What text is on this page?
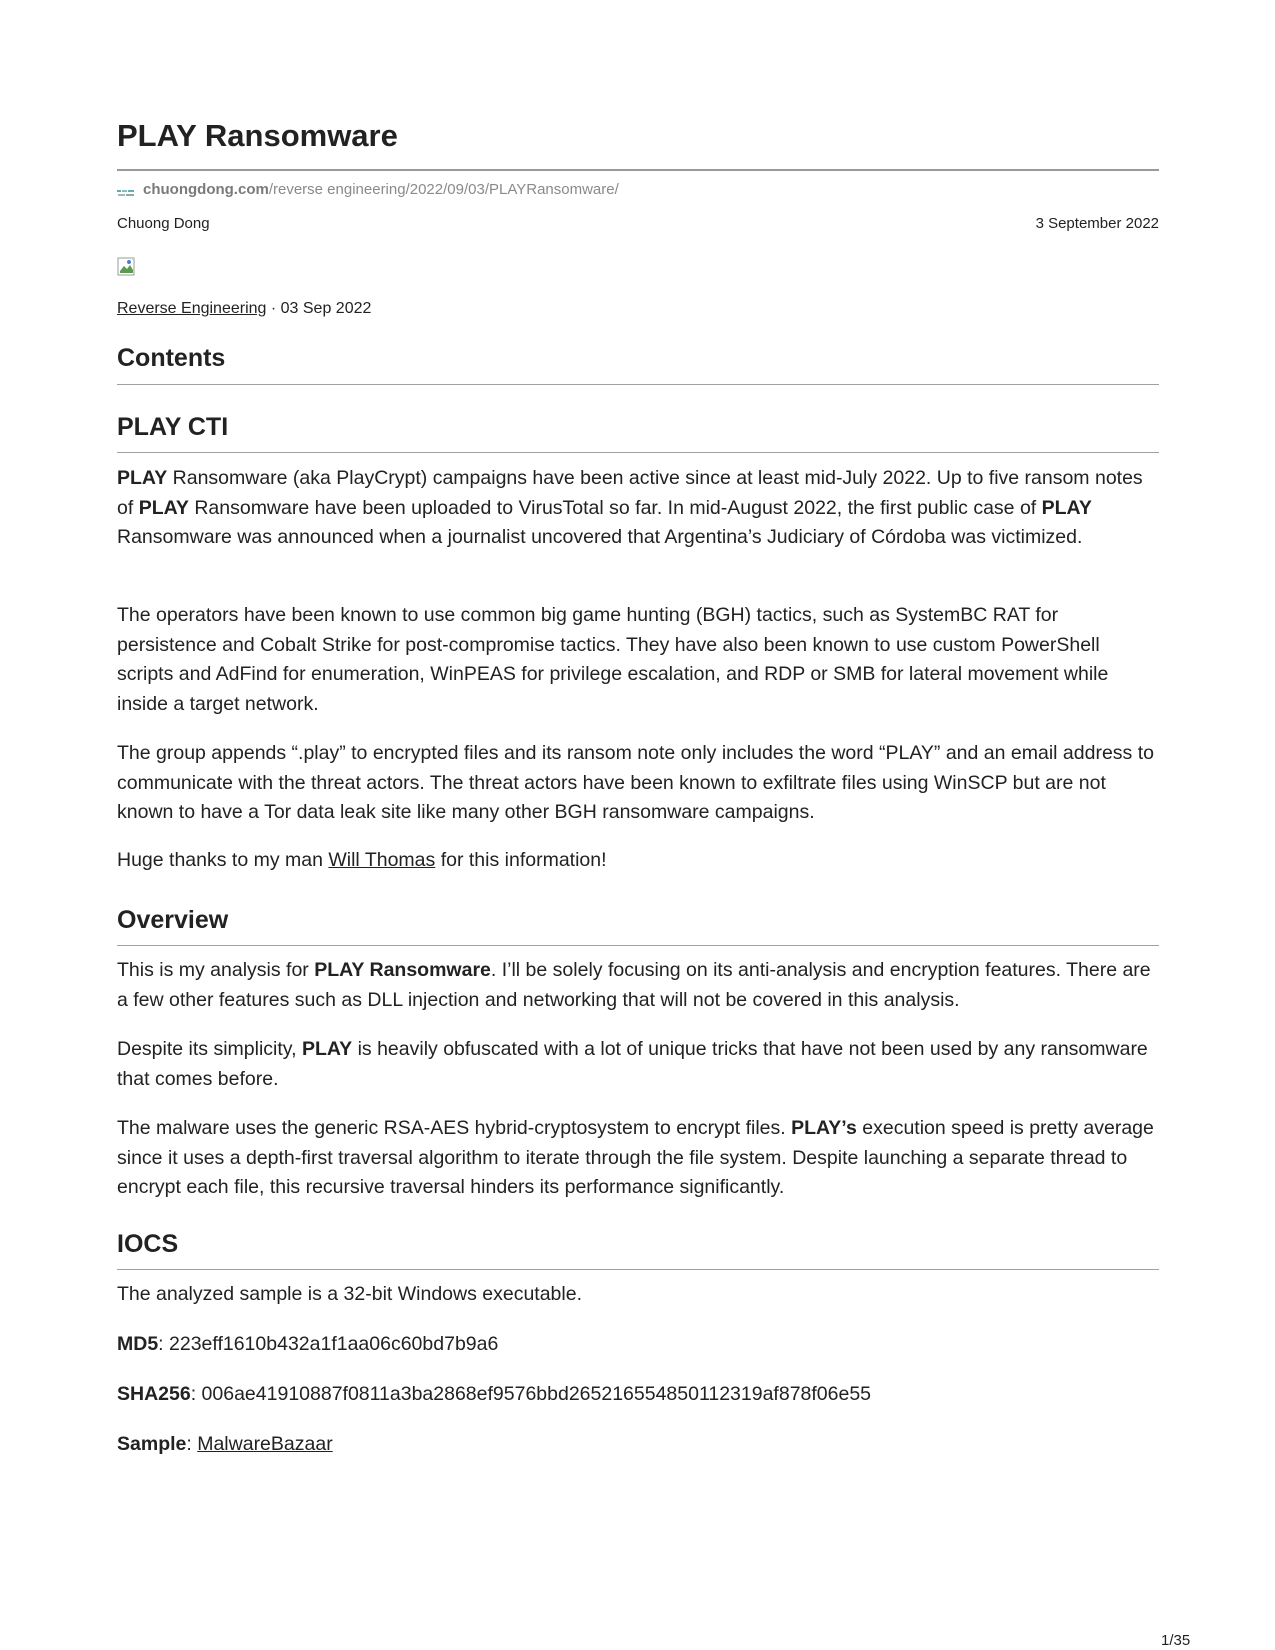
PLAY Ransomware
chuongdong.com /reverse engineering/2022/09/03/PLAYRansomware/
Chuong Dong	3 September 2022
Reverse Engineering · 03 Sep 2022
Contents
PLAY CTI

PLAY Ransomware (aka PlayCrypt) campaigns have been active since at least mid-July 2022. Up to five ransom notes of PLAY Ransomware have been uploaded to VirusTotal so far. In mid-August 2022, the first public case of PLAY Ransomware was announced when a journalist uncovered that Argentina’s Judiciary of Córdoba was victimized.

The operators have been known to use common big game hunting (BGH) tactics, such as SystemBC RAT for persistence and Cobalt Strike for post-compromise tactics. They have also been known to use custom PowerShell scripts and AdFind for enumeration, WinPEAS for privilege escalation, and RDP or SMB for lateral movement while inside a target network.

The group appends “.play” to encrypted files and its ransom note only includes the word “PLAY” and an email address to communicate with the threat actors. The threat actors have been known to exfiltrate files using WinSCP but are not known to have a Tor data leak site like many other BGH ransomware campaigns.

Huge thanks to my man Will Thomas for this information!

Overview

This is my analysis for PLAY Ransomware. I’ll be solely focusing on its anti-analysis and encryption features. There are a few other features such as DLL injection and networking that will not be covered in this analysis.

Despite its simplicity, PLAY is heavily obfuscated with a lot of unique tricks that have not been used by any ransomware that comes before.

The malware uses the generic RSA-AES hybrid-cryptosystem to encrypt files. PLAY’s execution speed is pretty average since it uses a depth-first traversal algorithm to iterate through the file system. Despite launching a separate thread to encrypt each file, this recursive traversal hinders its performance significantly.

IOCS

The analyzed sample is a 32-bit Windows executable.

MD5: 223eff1610b432a1f1aa06c60bd7b9a6

SHA256: 006ae41910887f0811a3ba2868ef9576bbd265216554850112319af878f06e55

Sample: MalwareBazaar

1/35
